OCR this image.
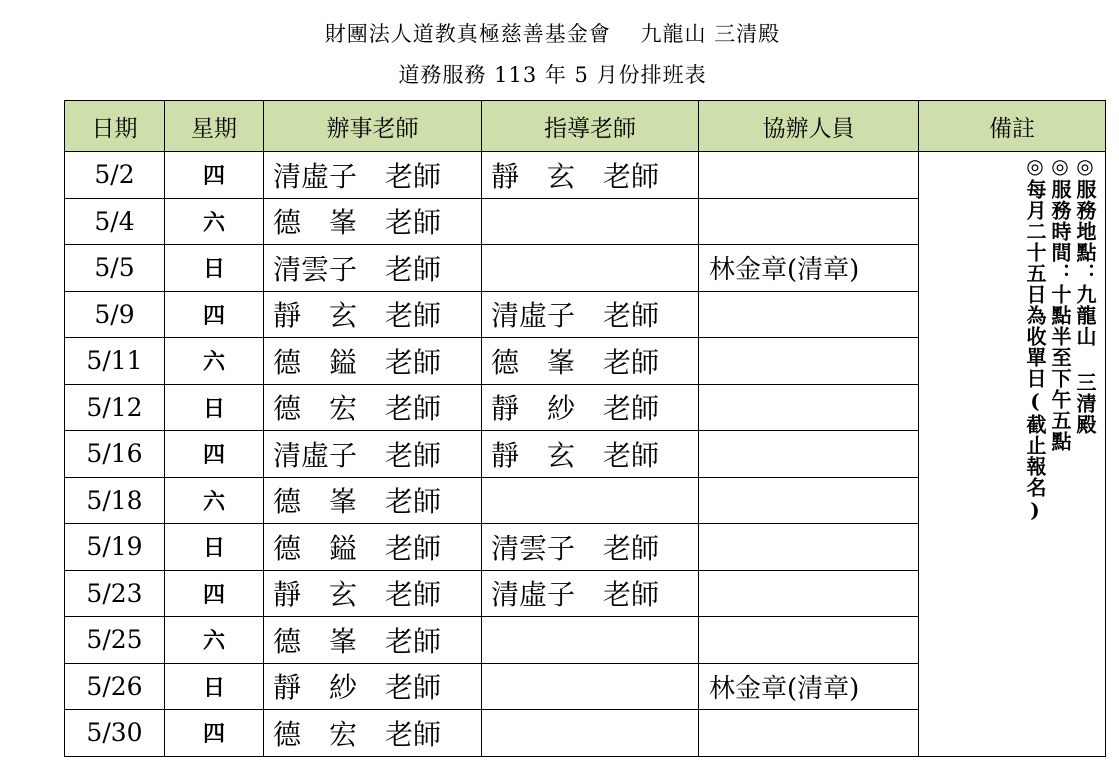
財團法人道教真極慈善基金會　 九龍山 三清殿
道務服務 113 年 5 月份排班表
日期	星期	辦事老師	指導老師	協辦人員	備註
5/2	四	清虛子　老師	靜　玄　老師		◎服務地點：九龍山 三清殿
◎服務時間：十點半至下午五點
◎每月二十五日為收單日(截止報名)

5/4	六	德　峯　老師			
5/5	日	清雲子　老師		林金章(清章)	
5/9	四	靜　玄　老師	清虛子　老師		
5/11	六	德　鎰　老師	德　峯　老師		
5/12	日	德　宏　老師	靜　紗　老師		
5/16	四	清虛子　老師	靜　玄　老師		
5/18	六	德　峯　老師			
5/19	日	德　鎰　老師	清雲子　老師		
5/23	四	靜　玄　老師	清虛子　老師		
5/25	六	德　峯　老師			
5/26	日	靜　紗　老師		林金章(清章)	
5/30	四	德　宏　老師			
